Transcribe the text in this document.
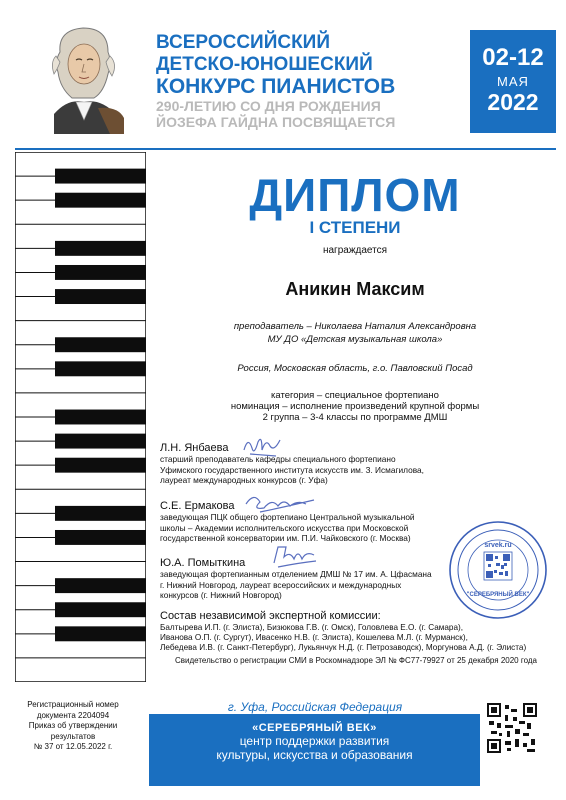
ВСЕРОССИЙСКИЙ
ДЕТСКО-ЮНОШЕСКИЙ
КОНКУРС ПИАНИСТОВ
290-ЛЕТИЮ СО ДНЯ РОЖДЕНИЯ
ЙОЗЕФА ГАЙДНА ПОСВЯЩАЕТСЯ
02-12
МАЯ
2022
ДИПЛОМ
I СТЕПЕНИ
награждается
Аникин Максим
преподаватель – Николаева Наталия Александровна
МУ ДО «Детская музыкальная школа»
Россия, Московская область, г.о. Павловский Посад
категория – специальное фортепиано
номинация – исполнение произведений крупной формы
2 группа – 3-4 классы по программе ДМШ
Л.Н. Янбаева
старший преподаватель кафедры специального фортепиано
Уфимского государственного института искусств им. З. Исмагилова,
лауреат международных конкурсов (г. Уфа)
С.Е. Ермакова
заведующая ПЦК общего фортепиано Центральной музыкальной
школы – Академии исполнительского искусства при Московской
государственной консерватории им. П.И. Чайковского (г. Москва)
Ю.А. Помыткина
заведующая фортепианным отделением ДМШ № 17 им. А. Цфасмана
г. Нижний Новгород, лауреат всероссийских и международных
конкурсов (г. Нижний Новгород)
srvek.ru
"СЕРЕБРЯНЫЙ ВЕК"
Состав независимой экспертной комиссии:
Балтырева И.П. (г. Элиста), Бизюкова Г.В. (г. Омск), Головлева Е.О. (г. Самара),
Иванова О.П. (г. Сургут), Ивасенко Н.В. (г. Элиста), Кошелева М.Л. (г. Мурманск),
Лебедева И.В. (г. Санкт-Петербург), Лукьянчук Н.Д. (г. Петрозаводск), Моргунова А.Д. (г. Элиста)
Свидетельство о регистрации СМИ в Роскомнадзоре ЭЛ № ФС77-79927 от 25 декабря 2020 года
Регистрационный номер
документа 2204094
Приказ об утверждении
результатов
№ 37 от 12.05.2022 г.
г. Уфа, Российская Федерация
«СЕРЕБРЯНЫЙ ВЕК»
центр поддержки развития
культуры, искусства и образования
